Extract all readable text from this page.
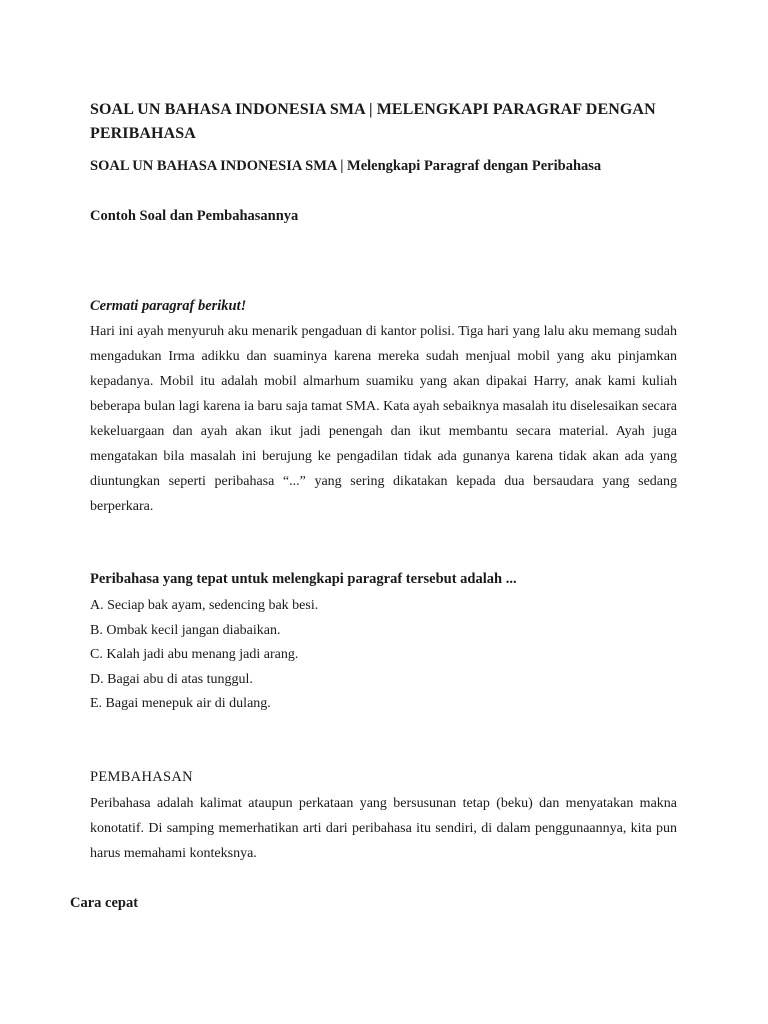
SOAL UN BAHASA INDONESIA SMA | MELENGKAPI PARAGRAF DENGAN PERIBAHASA
SOAL UN BAHASA INDONESIA SMA | Melengkapi Paragraf dengan Peribahasa
Contoh Soal dan Pembahasannya
Cermati paragraf berikut!
Hari ini ayah menyuruh aku menarik pengaduan di kantor polisi. Tiga hari yang lalu aku memang sudah mengadukan Irma adikku dan suaminya karena mereka sudah menjual mobil yang aku pinjamkan kepadanya. Mobil itu adalah mobil almarhum suamiku yang akan dipakai Harry, anak kami kuliah beberapa bulan lagi karena ia baru saja tamat SMA. Kata ayah sebaiknya masalah itu diselesaikan secara kekeluargaan dan ayah akan ikut jadi penengah dan ikut membantu secara material. Ayah juga mengatakan bila masalah ini berujung ke pengadilan tidak ada gunanya karena tidak akan ada yang diuntungkan seperti peribahasa “...” yang sering dikatakan kepada dua bersaudara yang sedang berperkara.
Peribahasa yang tepat untuk melengkapi paragraf tersebut adalah ...
A. Seciap bak ayam, sedencing bak besi.
B. Ombak kecil jangan diabaikan.
C. Kalah jadi abu menang jadi arang.
D. Bagai abu di atas tunggul.
E. Bagai menepuk air di dulang.
PEMBAHASAN
Peribahasa adalah kalimat ataupun perkataan yang bersusunan tetap (beku) dan menyatakan makna konotatif. Di samping memerhatikan arti dari peribahasa itu sendiri, di dalam penggunaannya, kita pun harus memahami konteksnya.
Cara cepat
